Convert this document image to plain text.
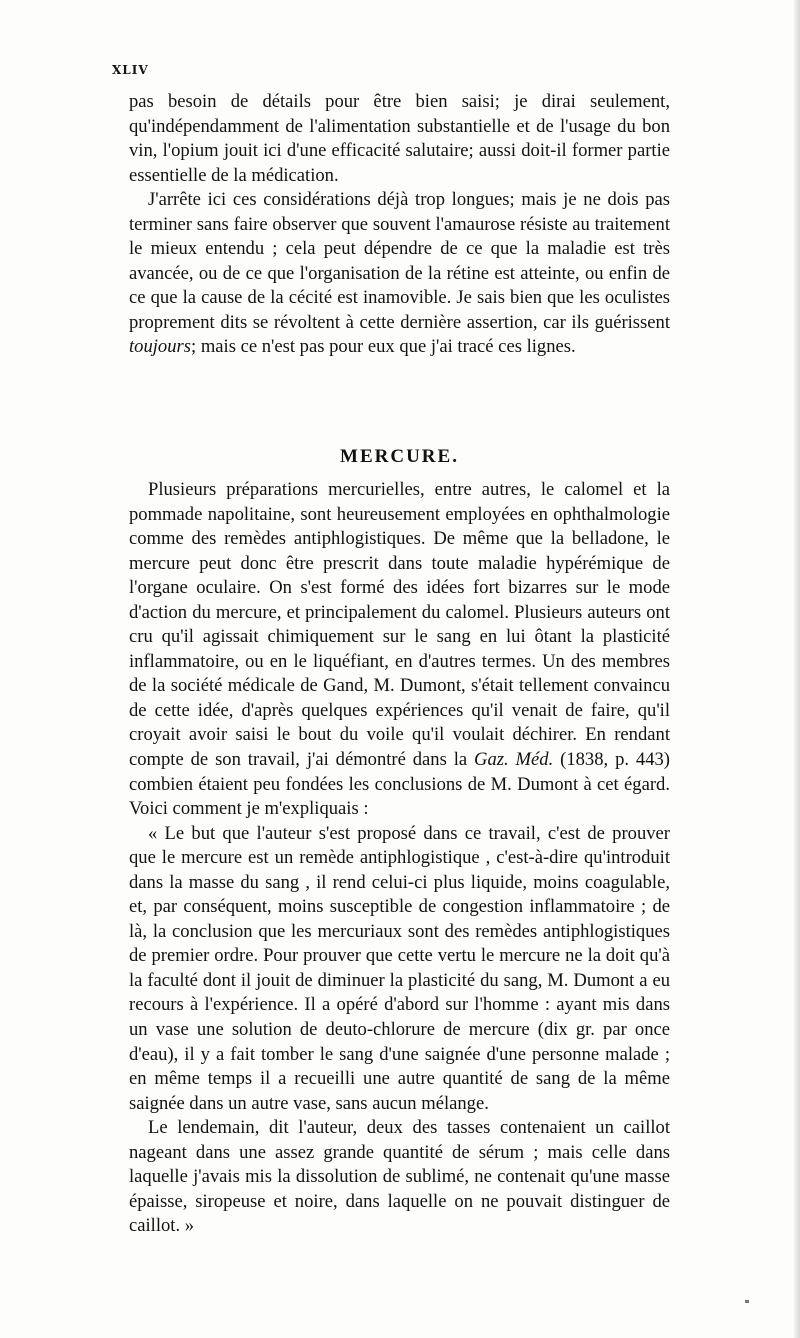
XLIV

pas besoin de détails pour être bien saisi; je dirai seulement, qu'indépendamment de l'alimentation substantielle et de l'usage du bon vin, l'opium jouit ici d'une efficacité salutaire; aussi doit-il former partie essentielle de la médication.

J'arrête ici ces considérations déjà trop longues; mais je ne dois pas terminer sans faire observer que souvent l'amaurose résiste au traitement le mieux entendu ; cela peut dépendre de ce que la maladie est très avancée, ou de ce que l'organisation de la rétine est atteinte, ou enfin de ce que la cause de la cécité est inamovible. Je sais bien que les oculistes proprement dits se révoltent à cette dernière assertion, car ils guérissent toujours; mais ce n'est pas pour eux que j'ai tracé ces lignes.

MERCURE.

Plusieurs préparations mercurielles, entre autres, le calomel et la pommade napolitaine, sont heureusement employées en ophthalmologie comme des remèdes antiphlogistiques. De même que la belladone, le mercure peut donc être prescrit dans toute maladie hypérémique de l'organe oculaire. On s'est formé des idées fort bizarres sur le mode d'action du mercure, et principalement du calomel. Plusieurs auteurs ont cru qu'il agissait chimiquement sur le sang en lui ôtant la plasticité inflammatoire, ou en le liquéfiant, en d'autres termes. Un des membres de la société médicale de Gand, M. Dumont, s'était tellement convaincu de cette idée, d'après quelques expériences qu'il venait de faire, qu'il croyait avoir saisi le bout du voile qu'il voulait déchirer. En rendant compte de son travail, j'ai démontré dans la Gaz. Méd. (1838, p. 443) combien étaient peu fondées les conclusions de M. Dumont à cet égard. Voici comment je m'expliquais :

« Le but que l'auteur s'est proposé dans ce travail, c'est de prouver que le mercure est un remède antiphlogistique , c'est-à-dire qu'introduit dans la masse du sang , il rend celui-ci plus liquide, moins coagulable, et, par conséquent, moins susceptible de congestion inflammatoire ; de là, la conclusion que les mercuriaux sont des remèdes antiphlogistiques de premier ordre. Pour prouver que cette vertu le mercure ne la doit qu'à la faculté dont il jouit de diminuer la plasticité du sang, M. Dumont a eu recours à l'expérience. Il a opéré d'abord sur l'homme : ayant mis dans un vase une solution de deuto-chlorure de mercure (dix gr. par once d'eau), il y a fait tomber le sang d'une saignée d'une personne malade ; en même temps il a recueilli une autre quantité de sang de la même saignée dans un autre vase, sans aucun mélange.

Le lendemain, dit l'auteur, deux des tasses contenaient un caillot nageant dans une assez grande quantité de sérum ; mais celle dans laquelle j'avais mis la dissolution de sublimé, ne contenait qu'une masse épaisse, siropeuse et noire, dans laquelle on ne pouvait distinguer de caillot. »
